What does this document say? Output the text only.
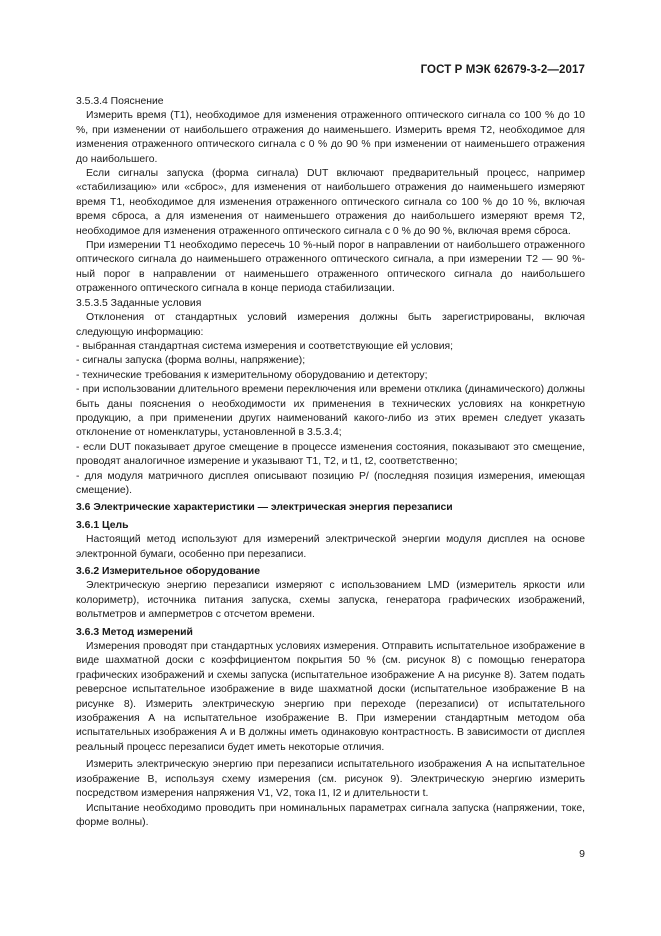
ГОСТ Р МЭК 62679-3-2—2017

3.5.3.4 Пояснение

Измерить время (T1), необходимое для изменения отраженного оптического сигнала со 100 % до 10 %, при изменении от наибольшего отражения до наименьшего. Измерить время T2, необходимое для изменения отраженного оптического сигнала с 0 % до 90 % при изменении от наименьшего отражения до наибольшего.

Если сигналы запуска (форма сигнала) DUT включают предварительный процесс, например «стабилизацию» или «сброс», для изменения от наибольшего отражения до наименьшего измеряют время T1, необходимое для изменения отраженного оптического сигнала со 100 % до 10 %, включая время сброса, а для изменения от наименьшего отражения до наибольшего измеряют время T2, необходимое для изменения отраженного оптического сигнала с 0 % до 90 %, включая время сброса.

При измерении T1 необходимо пересечь 10 %-ный порог в направлении от наибольшего отраженного оптического сигнала до наименьшего отраженного оптического сигнала, а при измерении T2 — 90 %-ный порог в направлении от наименьшего отраженного оптического сигнала до наибольшего отраженного оптического сигнала в конце периода стабилизации.

3.5.3.5 Заданные условия

Отклонения от стандартных условий измерения должны быть зарегистрированы, включая следующую информацию:

- выбранная стандартная система измерения и соответствующие ей условия;

- сигналы запуска (форма волны, напряжение);

- технические требования к измерительному оборудованию и детектору;

- при использовании длительного времени переключения или времени отклика (динамического) должны быть даны пояснения о необходимости их применения в технических условиях на конкретную продукцию, а при применении других наименований какого-либо из этих времен следует указать отклонение от номенклатуры, установленной в 3.5.3.4;

- если DUT показывает другое смещение в процессе изменения состояния, показывают это смещение, проводят аналогичное измерение и указывают T1, T2, и t1, t2, соответственно;

- для модуля матричного дисплея описывают позицию P/ (последняя позиция измерения, имеющая смещение).

3.6 Электрические характеристики — электрическая энергия перезаписи

3.6.1 Цель

Настоящий метод используют для измерений электрической энергии модуля дисплея на основе электронной бумаги, особенно при перезаписи.

3.6.2 Измерительное оборудование

Электрическую энергию перезаписи измеряют с использованием LMD (измеритель яркости или колориметр), источника питания запуска, схемы запуска, генератора графических изображений, вольтметров и амперметров с отсчетом времени.

3.6.3 Метод измерений

Измерения проводят при стандартных условиях измерения. Отправить испытательное изображение в виде шахматной доски с коэффициентом покрытия 50 % (см. рисунок 8) с помощью генератора графических изображений и схемы запуска (испытательное изображение А на рисунке 8). Затем подать реверсное испытательное изображение в виде шахматной доски (испытательное изображение В на рисунке 8). Измерить электрическую энергию при переходе (перезаписи) от испытательного изображения А на испытательное изображение В. При измерении стандартным методом оба испытательных изображения А и В должны иметь одинаковую контрастность. В зависимости от дисплея реальный процесс перезаписи будет иметь некоторые отличия.

Измерить электрическую энергию при перезаписи испытательного изображения А на испытательное изображение В, используя схему измерения (см. рисунок 9). Электрическую энергию измерить посредством измерения напряжения V1, V2, тока I1, I2 и длительности t.

Испытание необходимо проводить при номинальных параметрах сигнала запуска (напряжении, токе, форме волны).

9
